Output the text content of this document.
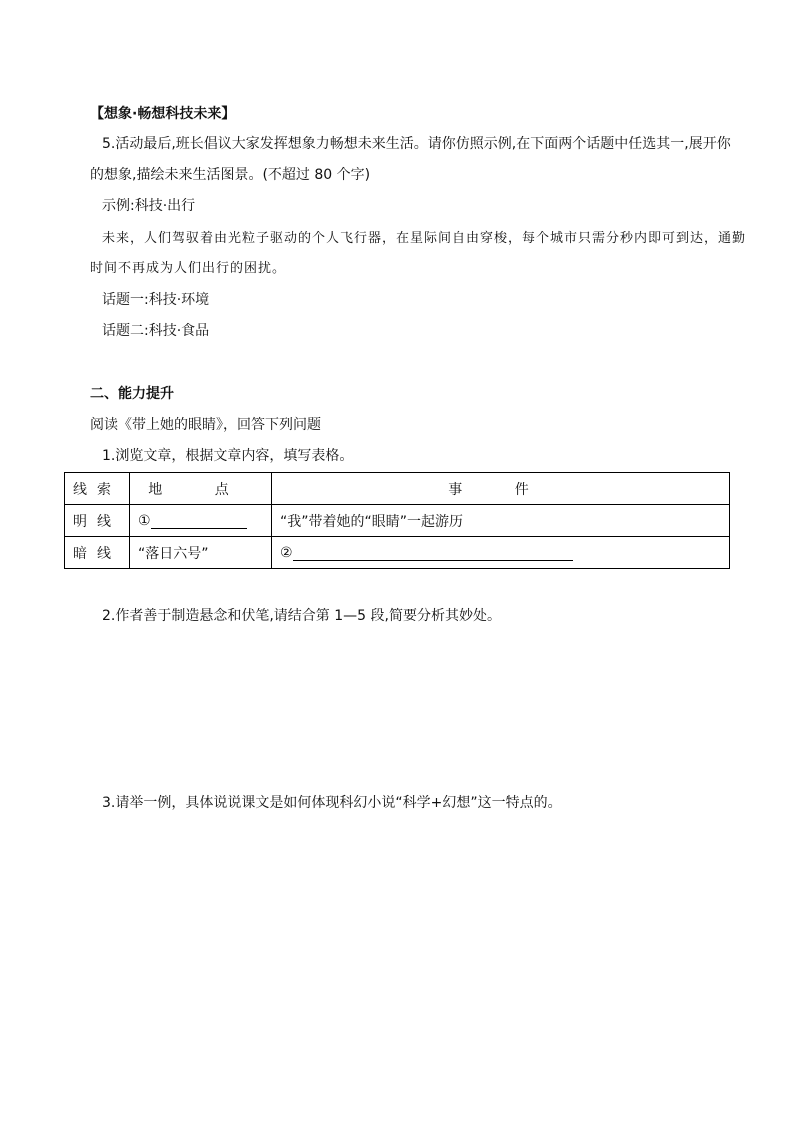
【想象·畅想科技未来】
5.活动最后,班长倡议大家发挥想象力畅想未来生活。请你仿照示例,在下面两个话题中任选其一,展开你
的想象,描绘未来生活图景。(不超过 80 个字)
示例:科技·出行
未来，人们驾驭着由光粒子驱动的个人飞行器，在星际间自由穿梭，每个城市只需分秒内即可到达，通勤
时间不再成为人们出行的困扰。
话题一:科技·环境
话题二:科技·食品
二、能力提升
阅读《带上她的眼睛》，回答下列问题
1.浏览文章，根据文章内容，填写表格。
线索	地 点	事 件
明线	①	“我”带着她的“眼睛”一起游历
暗线	“落日六号”	②
2.作者善于制造悬念和伏笔,请结合第 1—5 段,简要分析其妙处。
3.请举一例，具体说说课文是如何体现科幻小说“科学+幻想”这一特点的。
